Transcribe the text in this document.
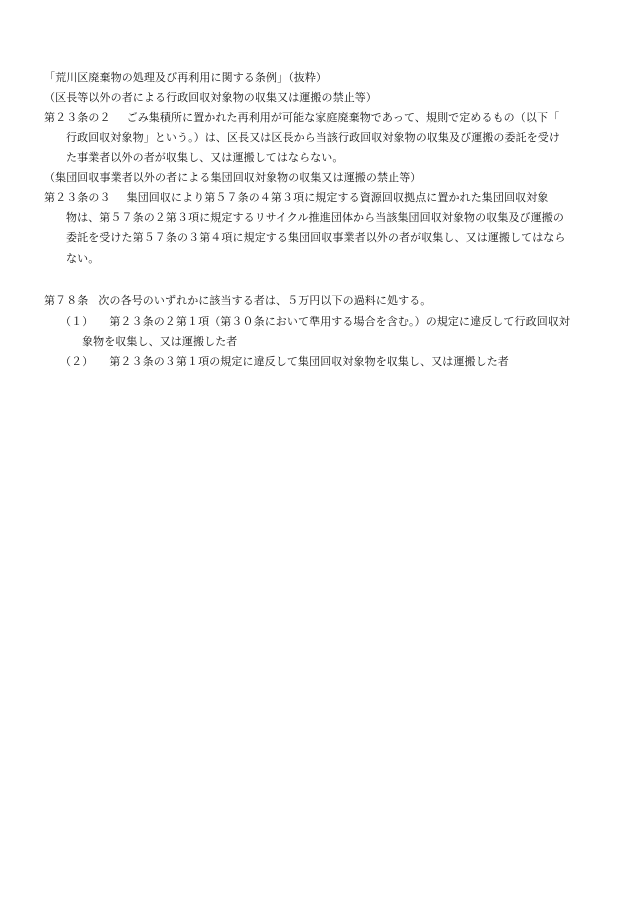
「荒川区廃棄物の処理及び再利用に関する条例」（抜粋）
（区長等以外の者による行政回収対象物の収集又は運搬の禁止等）
第２３条の２ ごみ集積所に置かれた再利用が可能な家庭廃棄物であって、規則で定めるもの（以下「
行政回収対象物」という。）は、区長又は区長から当該行政回収対象物の収集及び運搬の委託を受け
た事業者以外の者が収集し、又は運搬してはならない。
（集団回収事業者以外の者による集団回収対象物の収集又は運搬の禁止等）
第２３条の３ 集団回収により第５７条の４第３項に規定する資源回収拠点に置かれた集団回収対象
物は、第５７条の２第３項に規定するリサイクル推進団体から当該集団回収対象物の収集及び運搬の
委託を受けた第５７条の３第４項に規定する集団回収事業者以外の者が収集し、又は運搬してはなら
ない。
第７８条 次の各号のいずれかに該当する者は、５万円以下の過料に処する。
（１） 第２３条の２第１項（第３０条において準用する場合を含む。）の規定に違反して行政回収対
象物を収集し、又は運搬した者
（２） 第２３条の３第１項の規定に違反して集団回収対象物を収集し、又は運搬した者
